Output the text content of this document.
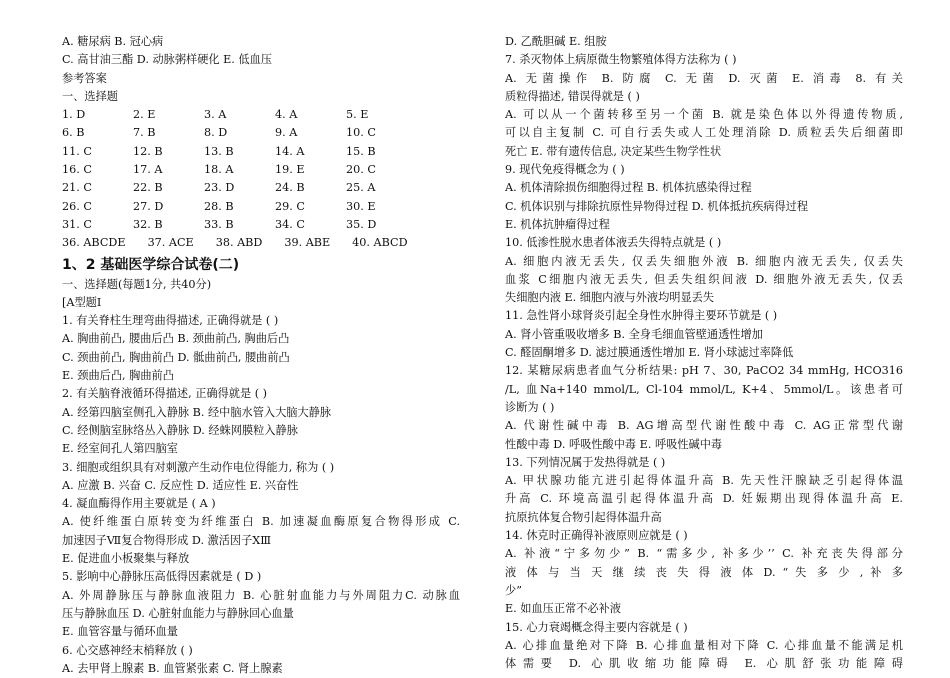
A. 糖尿病 B. 冠心病
C. 高甘油三酯 D. 动脉粥样硬化 E. 低血压
参考答案
一、选择题
1. D	2. E	3. A	4. A	5. E
6. B	7. B	8. D	9. A	10. C
11. C	12. B	13. B	14. A	15. B
16. C	17. A	18. A	19. E	20. C
21. C	22. B	23. D	24. B	25. A
26. C	27. D	28. B	29. C	30. E
31. C	32. B	33. B	34. C	35. D
36. ABCDE 37. ACE 38. ABD 39. ABE 40. ABCD
1、2 基础医学综合试卷(二)
一、选择题(每题1分, 共40分)
[A型题Ⅰ
1. 有关脊柱生理弯曲得描述, 正确得就是 ( )
A. 胸曲前凸, 腰曲后凸 B. 颈曲前凸, 胸曲后凸
C. 颈曲前凸, 胸曲前凸 D. 骶曲前凸, 腰曲前凸
E. 颈曲后凸, 胸曲前凸
2. 有关脑脊液循环得描述, 正确得就是 ( )
A. 经第四脑室侧孔入静脉 B. 经中脑水管入大脑大静脉
C. 经侧脑室脉络丛入静脉 D. 经蛛网膜粒入静脉
E. 经室间孔人第四脑室
3. 细胞或组织具有对刺激产生动作电位得能力, 称为 ( )
A. 应激 B. 兴奋 C. 反应性 D. 适应性 E. 兴奋性
4. 凝血酶得作用主要就是 ( A )
A. 使纤维蛋白原转变为纤维蛋白 B. 加速凝血酶原复合物得形成 C.
加速因子Ⅶ复合物得形成 D. 激活因子ⅩⅢ
E. 促进血小板聚集与释放
5. 影响中心静脉压高低得因素就是 ( D )
A. 外周静脉压与静脉血液阻力 B. 心脏射血能力与外周阻力C. 动脉血
压与静脉血压 D. 心脏射血能力与静脉回心血量
E. 血管容量与循环血量
6. 心交感神经末梢释放 ( )
A. 去甲肾上腺素 B. 血管紧张素 C. 肾上腺素
D. 乙酰胆碱 E. 组胺
7. 杀灭物体上病原微生物繁殖体得方法称为 ( )
A. 无菌操作 B. 防腐 C. 无菌 D. 灭菌 E. 消毒 8. 有关
质粒得描述, 错误得就是 ( )
A. 可以从一个菌转移至另一个菌 B. 就是染色体以外得遗传物质,
可以自主复制 C. 可自行丢失或人工处理消除 D. 质粒丢失后细菌即
死亡 E. 带有遗传信息, 决定某些生物学性状
9. 现代免疫得概念为 ( )
A. 机体清除损伤细胞得过程 B. 机体抗感染得过程
C. 机体识别与排除抗原性异物得过程 D. 机体抵抗疾病得过程
E. 机体抗肿瘤得过程
10. 低渗性脱水患者体液丢失得特点就是 ( )
A. 细胞内液无丢失, 仅丢失细胞外液 B. 细胞内液无丢失, 仅丢失
血浆 C细胞内液无丢失, 但丢失组织间液 D. 细胞外液无丢失, 仅丢
失细胞内液 E. 细胞内液与外液均明显丢失
11. 急性肾小球肾炎引起全身性水肿得主要环节就是 ( )
A. 肾小管重吸收增多 B. 全身毛细血管壁通透性增加
C. 醛固酮增多 D. 滤过膜通透性增加 E. 肾小球滤过率降低
12. 某糖尿病患者血气分析结果: pH 7、30, PaCO2 34 mmHg, HCO316
/L, 血Na+140 mmol/L, Cl-104 mmol/L, K+4、5mmol/L。该患者可
诊断为 ( )
A. 代谢性碱中毒 B. AG增高型代谢性酸中毒 C. AG正常型代谢
性酸中毒 D. 呼吸性酸中毒 E. 呼吸性碱中毒
13. 下列情况属于发热得就是 ( )
A. 甲状腺功能亢进引起得体温升高 B. 先天性汗腺缺乏引起得体温
升高 C. 环境高温引起得体温升高 D. 妊娠期出现得体温升高 E.
抗原抗体复合物引起得体温升高
14. 休克时正确得补液原则应就是 ( )
A. 补液“宁多勿少” B. “需多少, 补多少’’ C. 补充丧失得部分
液 体 与 当 天 继 续 丧 失 得 液 体 D. “ 失 多 少 , 补 多
少”
E. 如血压正常不必补液
15. 心力衰竭概念得主要内容就是 ( )
A. 心排血量绝对下降 B. 心排血量相对下降 C. 心排血量不能满足机
体需要 D. 心肌收缩功能障碍 E. 心肌舒张功能障碍
